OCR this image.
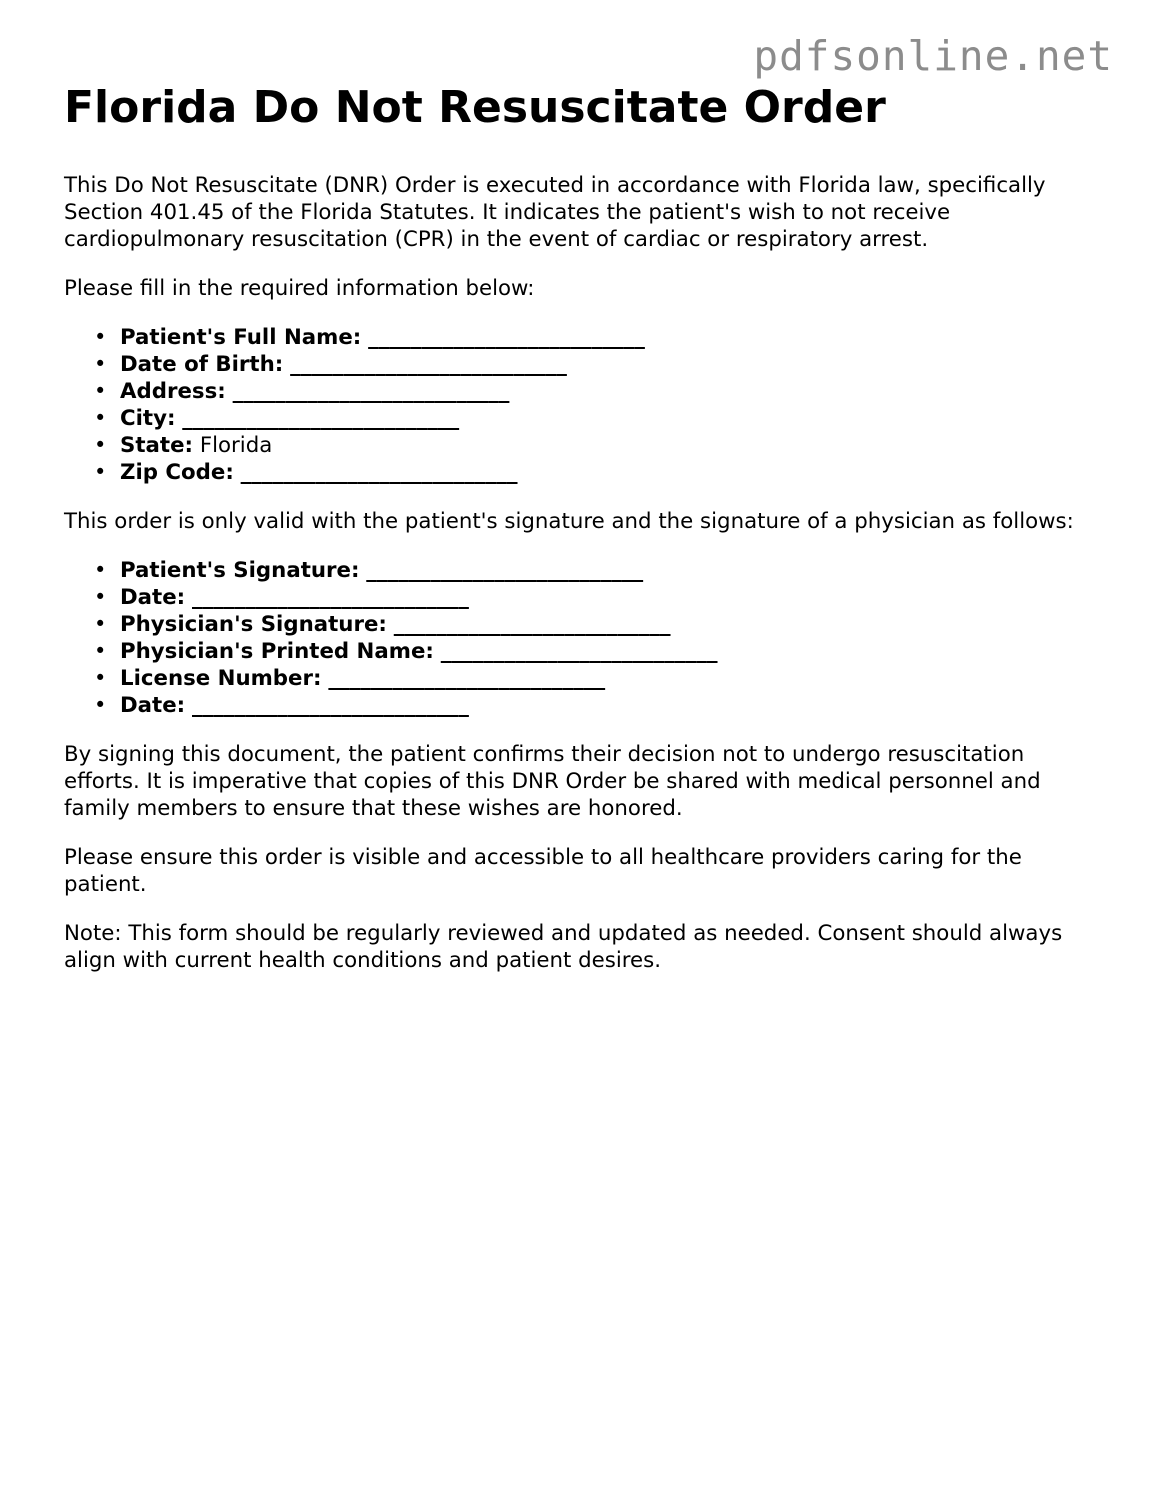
pdfsonline.net
Florida Do Not Resuscitate Order

This Do Not Resuscitate (DNR) Order is executed in accordance with Florida law, specifically Section 401.45 of the Florida Statutes. It indicates the patient's wish to not receive cardiopulmonary resuscitation (CPR) in the event of cardiac or respiratory arrest.

Please fill in the required information below:

• Patient's Full Name: __________________________
• Date of Birth: __________________________
• Address: __________________________
• City: __________________________
• State: Florida
• Zip Code: __________________________

This order is only valid with the patient's signature and the signature of a physician as follows:

• Patient's Signature: __________________________
• Date: __________________________
• Physician's Signature: __________________________
• Physician's Printed Name: __________________________
• License Number: __________________________
• Date: __________________________

By signing this document, the patient confirms their decision not to undergo resuscitation efforts. It is imperative that copies of this DNR Order be shared with medical personnel and family members to ensure that these wishes are honored.

Please ensure this order is visible and accessible to all healthcare providers caring for the patient.

Note: This form should be regularly reviewed and updated as needed. Consent should always align with current health conditions and patient desires.
